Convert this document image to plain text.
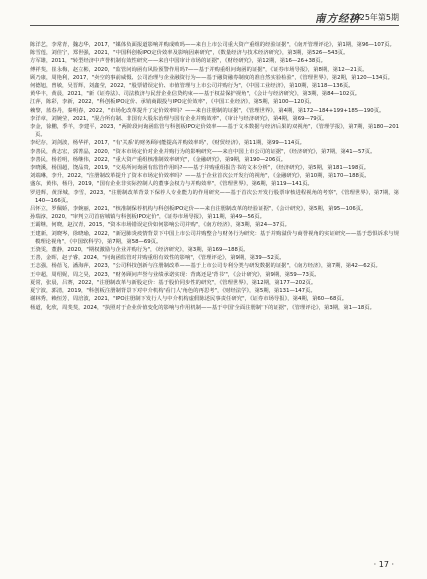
南方经济
2025年第5期
陈洋艺，李常青，魏志华，2017，"媒体负面报道影响并购成败吗——来自上市公司重大资产重组的经验证据"，《南开管理评论》，第1期，第96—107页。
陈雪莲，刘佳宁，郑世强，2021，"中国科创板IPO定价效率及影响因素研究"，《数量经济与技术经济研究》，第3期，第526—543页。
方军雄，2011，"转型经济中声誉机制有效性研究——来自中国审计市场的证据"，《财经研究》，第12期，第16—26+38页。
傅祥斐，崔永梅，赵立彬，2020，"监管问询函有风险预警作用吗?——基于并购重组问询函的证据"，《证券市场导报》，第8期，第12—21页。
顾乃康，周艳利，2017，"卖空的事前威慑、公司治理与企业融资行为——基于融资融券制度的准自然实验检验"，《管理世界》，第2期，第120—134页。
何德旭，曾敏，吴晋辉，刘鑫莹，2022，"股票错误定价、市值管理与上市公司并购行为"，《中国工业经济》，第10期，第118—136页。
黄华丰，黄晨，2021，"新《证券法》、司法救济与民营企业信贷约束——基于权益保护视角"，《会计与经济研究》，第3期，第84—102页。
江萍，陈彩，李新，2022，"科创板IPO定价、承销商跟投与IPO定价效率"，《中国工业经济》，第5期，第100—120页。
赖黎，蓝春丹，秦明春，2022，"市场化改革提升了定价效率吗？——来自注册制的证据"，《管理世界》，第4期，第172—184+199+185—190页。
李洋章，刘婉莹，2021，"混合所有制、非国有大股东治理与国有企业并购效率"，《审计与经济研究》，第4期，第69—79页。
李金，徐鹏，季羊，李建平，2023，"两阶段问询函监管与科创板IPO定价效率——基于文本数据与经济后果的双视角"，《管理学报》，第7期，第180—201页。
李纪存，刘剑波，杨华祥，2017，"有'关系'的财务顾问能提高并购效率吗"，《财贸经济》，第11期，第99—114页。
李善民，黄志宏，郭菁晶，2020，"资本市场定价对企业并购行为的影响研究——来自中国上市公司的证据"，《经济研究》，第7期，第41—57页。
李善民，杨若明，杨继伟，2022，"重大资产重组核准制效率研究"，《金融研究》，第9期，第190—206页。
李晓溪，杨国超，饶品贵，2019，"交易所问询函有监管作用吗?——基于并购重组报告书的文本分析"，《经济研究》，第5期，第181—198页。
刘端琳，李升，2022，"注册制改革提升了资本市场定价效率吗？——基于企业首次公开发行的视角"，《金融研究》，第10期，第170—188页。
盛东，黄伟，杨丹，2019，"国有企业非实际控制人的董事会权力与并购效率"，《管理世界》，第6期，第119—141页。
罗进辉，黄泽城，李雪，2023，"注册制改革背景下保荐人专业能力的作用研究——基于首次公开发行股票审核进程视角的考察"，《管理世界》，第7期，第140—166页。
吕怀立，罗佩娇，李婉丽，2021，"核准制保荐机构与科创板IPO定价——来自注册制改革的经验证据"，《会计研究》，第5期，第95—106页。
孙瑞淳，2020，"审判立司首宿城镇与科创板IPO定价"，《证券市场导报》，第11期，第49—56页。
王霸继，何晓，赵汉青，2015，"资本市场错误定价如何影响公司并购"，《南方经济》，第3期，第24—37页。
王建新，刘晓岑，徐晓瑜，2022，"新冠肺炎疫情背景下中国上市公司并购整合与财务行为研究：基于并购溢价与商誉视角的实证研究——基于恐惧诉求与规模理论视角"，《中国软科学》，第7期，第58—69页。
王骁雯，董静，2020，"期权激励与企业并购行为"，《经济研究》，第3期，第169—188页。
王善，金晖，赵子睿，2024，"问询函监管对并购重组有效性的影响"，《管理评论》，第9期，第39—52页。
王志强，杨蓓飞，潘海萍，2023，"公司科技创新与注册制改革——基于上市公司专利分类与研发数据的证据"，《南方经济》，第7期，第42—62页。
王中超，周绍妮，周之昊，2023，"财务顾问声誉与业绩承诺实现：背离还是'背书'"，《会计研究》，第9期，第59—73页。
夏常，张晨，吕赛，2022，"注册制改革与新股定价：基于股价同步性的研究"，《管理世界》，第12期，第177—202页。
夏宁波，郭清，2019，"科创板注册制背景下对中介机构'看门人'角色的再思考"，《财经法学》，第5期，第131—147页。
谢林秀，赖恒芳，周涪波，2021，"IPO注册制下发行人与中介机构虚假陈述民事责任研究"，《证券市场导报》，第4期，第60—68页。
杨道，化欣，周斐斐，2024，"执照对于企业价值变化的影响与作用机制——基于中国'全面注册制'下的证据"，《管理评论》，第3期，第1—18页。
· 17 ·
